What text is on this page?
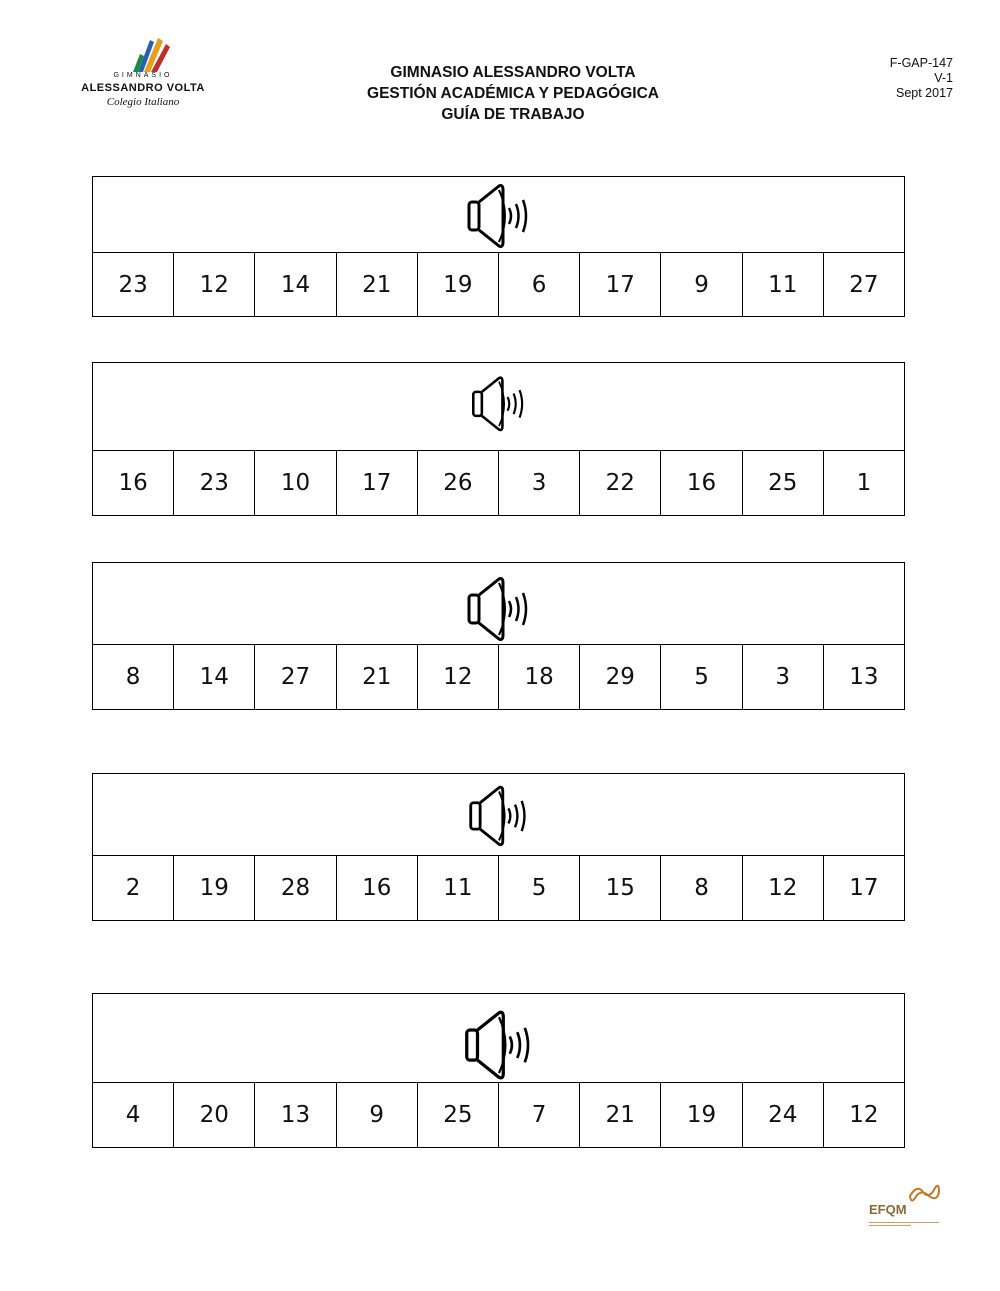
GIMNASIO
ALESSANDRO VOLTA
Colegio Italiano
GIMNASIO ALESSANDRO VOLTA
GESTIÓN ACADÉMICA Y PEDAGÓGICA
GUÍA DE TRABAJO
F-GAP-147
V-1
Sept 2017
23	12	14	21	19	6	17	9	11	27
16	23	10	17	26	3	22	16	25	1
8	14	27	21	12	18	29	5	3	13
2	19	28	16	11	5	15	8	12	17
4	20	13	9	25	7	21	19	24	12
EFQM
